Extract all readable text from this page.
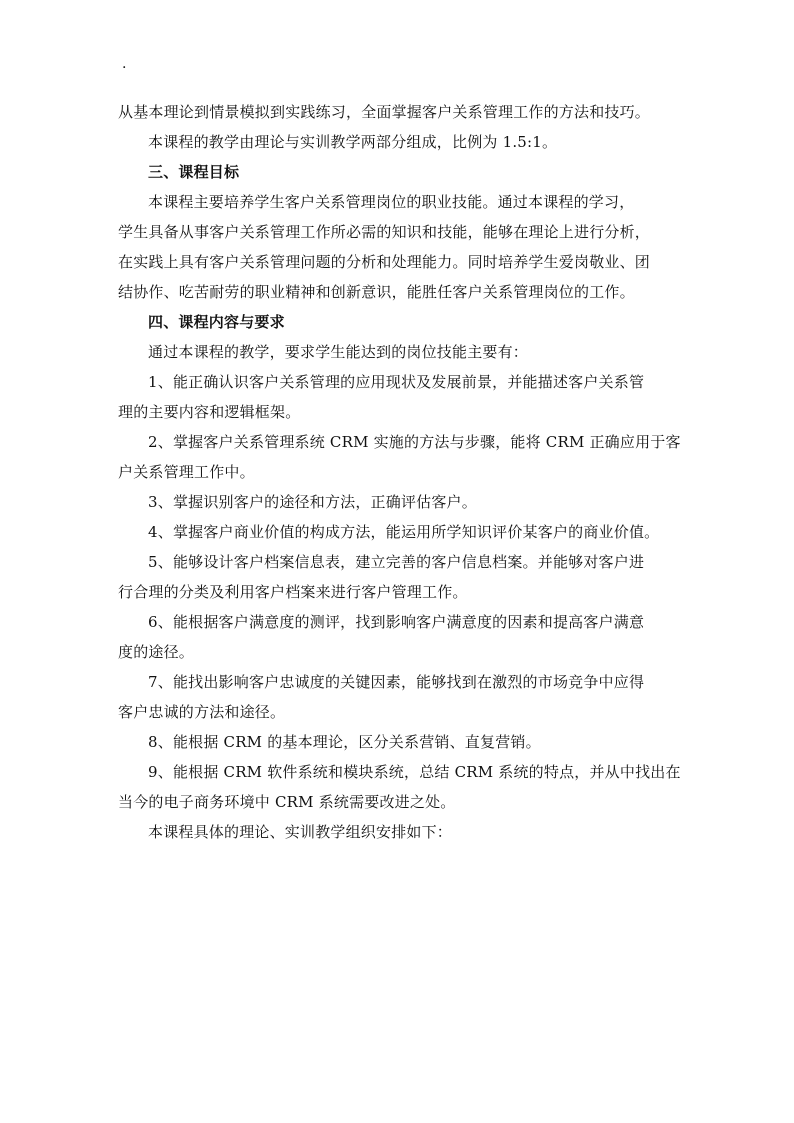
.
从基本理论到情景模拟到实践练习，全面掌握客户关系管理工作的方法和技巧。
本课程的教学由理论与实训教学两部分组成，比例为 1.5:1。
三、课程目标
本课程主要培养学生客户关系管理岗位的职业技能。通过本课程的学习，
学生具备从事客户关系管理工作所必需的知识和技能，能够在理论上进行分析，
在实践上具有客户关系管理问题的分析和处理能力。同时培养学生爱岗敬业、团
结协作、吃苦耐劳的职业精神和创新意识，能胜任客户关系管理岗位的工作。
四、课程内容与要求
通过本课程的教学，要求学生能达到的岗位技能主要有：
1、能正确认识客户关系管理的应用现状及发展前景，并能描述客户关系管
理的主要内容和逻辑框架。
2、掌握客户关系管理系统 CRM 实施的方法与步骤，能将 CRM 正确应用于客
户关系管理工作中。
3、掌握识别客户的途径和方法，正确评估客户。
4、掌握客户商业价值的构成方法，能运用所学知识评价某客户的商业价值。
5、能够设计客户档案信息表，建立完善的客户信息档案。并能够对客户进
行合理的分类及利用客户档案来进行客户管理工作。
6、能根据客户满意度的测评，找到影响客户满意度的因素和提高客户满意
度的途径。
7、能找出影响客户忠诚度的关键因素，能够找到在激烈的市场竞争中应得
客户忠诚的方法和途径。
8、能根据 CRM 的基本理论，区分关系营销、直复营销。
9、能根据 CRM 软件系统和模块系统，总结 CRM 系统的特点，并从中找出在
当今的电子商务环境中 CRM 系统需要改进之处。
本课程具体的理论、实训教学组织安排如下：
